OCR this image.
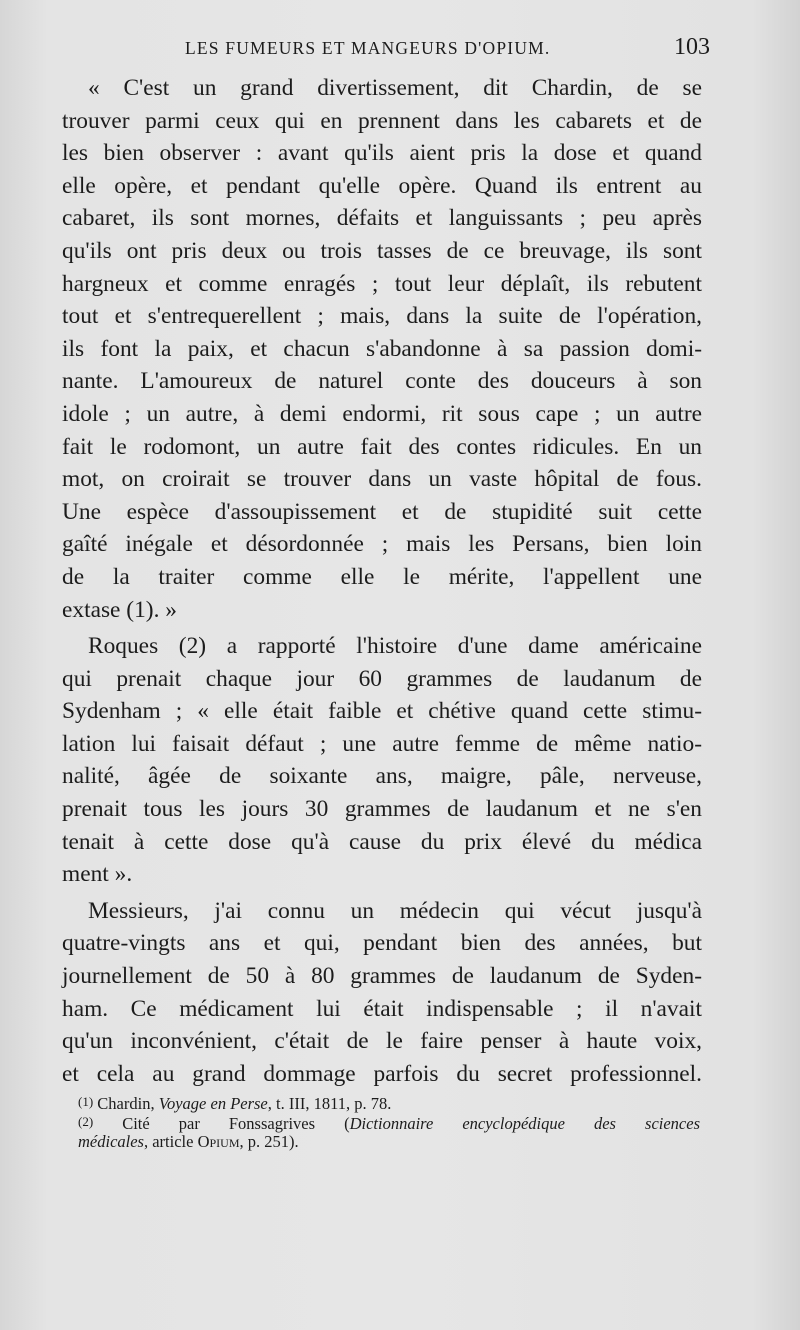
LES FUMEURS ET MANGEURS D'OPIUM.	103
« C'est un grand divertissement, dit Chardin, de se
trouver parmi ceux qui en prennent dans les cabarets et de
les bien observer : avant qu'ils aient pris la dose et quand
elle opère, et pendant qu'elle opère. Quand ils entrent au
cabaret, ils sont mornes, défaits et languissants ; peu après
qu'ils ont pris deux ou trois tasses de ce breuvage, ils sont
hargneux et comme enragés ; tout leur déplaît, ils rebutent
tout et s'entrequerellent ; mais, dans la suite de l'opération,
ils font la paix, et chacun s'abandonne à sa passion domi-
nante. L'amoureux de naturel conte des douceurs à son
idole ; un autre, à demi endormi, rit sous cape ; un autre
fait le rodomont, un autre fait des contes ridicules. En un
mot, on croirait se trouver dans un vaste hôpital de fous.
Une espèce d'assoupissement et de stupidité suit cette
gaîté inégale et désordonnée ; mais les Persans, bien loin
de la traiter comme elle le mérite, l'appellent une
extase (1). »
Roques (2) a rapporté l'histoire d'une dame américaine
qui prenait chaque jour 60 grammes de laudanum de
Sydenham ; « elle était faible et chétive quand cette stimu-
lation lui faisait défaut ; une autre femme de même natio-
nalité, âgée de soixante ans, maigre, pâle, nerveuse,
prenait tous les jours 30 grammes de laudanum et ne s'en
tenait à cette dose qu'à cause du prix élevé du médica
ment ».
Messieurs, j'ai connu un médecin qui vécut jusqu'à
quatre-vingts ans et qui, pendant bien des années, but
journellement de 50 à 80 grammes de laudanum de Syden-
ham. Ce médicament lui était indispensable ; il n'avait
qu'un inconvénient, c'était de le faire penser à haute voix,
et cela au grand dommage parfois du secret professionnel.
(1) Chardin, Voyage en Perse, t. III, 1811, p. 78.
(2) Cité par Fonssagrives (Dictionnaire encyclopédique des sciences
médicales, article Opium, p. 251).
